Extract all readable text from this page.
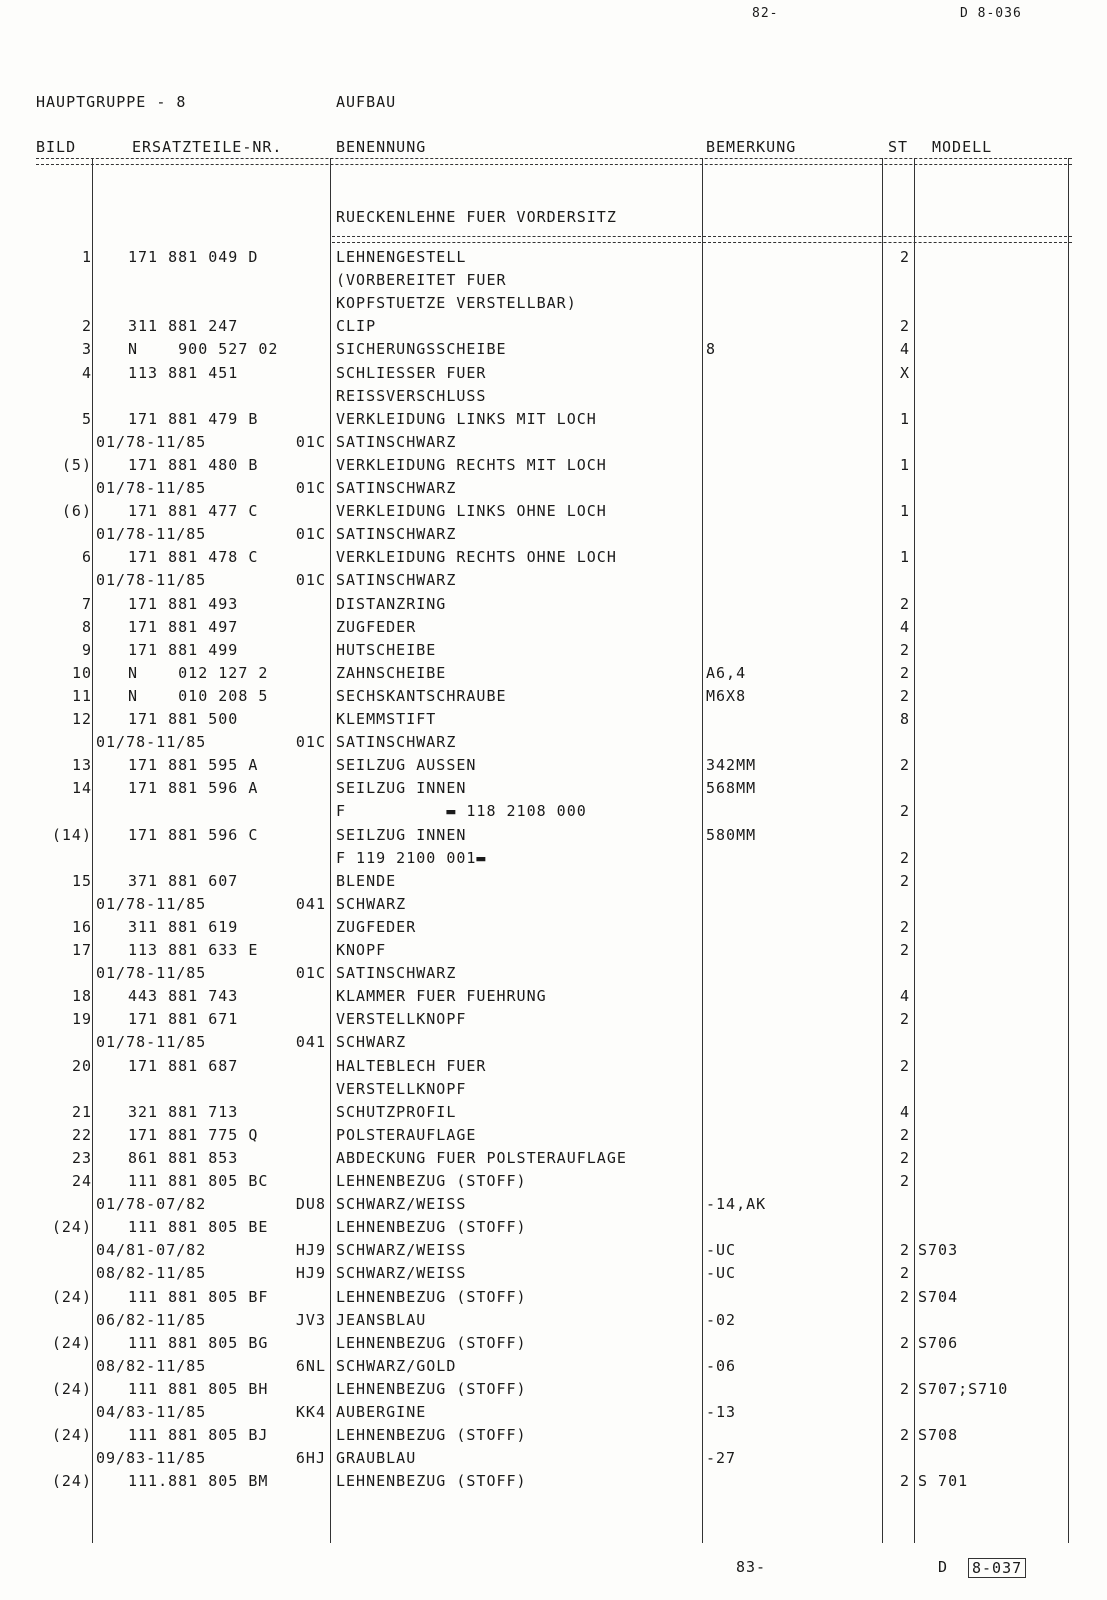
82-	D 8-036
HAUPTGRUPPE - 8	AUFBAU
BILD	ERSATZTEILE-NR.	BENENNUNG	BEMERKUNG	ST MODELL
RUECKENLEHNE FUER VORDERSITZ
1 171 881 049 D	LEHNENGESTELL	2
(VORBEREITET FUER
KOPFSTUETZE VERSTELLBAR)
2 311 881 247	CLIP	2
3 N    900 527 02	SICHERUNGSSCHEIBE	8	4
4 113 881 451	SCHLIESSER FUER	X
REISSVERSCHLUSS
5 171 881 479 B	VERKLEIDUNG LINKS MIT LOCH	1
01/78-11/85	01C SATINSCHWARZ
(5) 171 881 480 B	VERKLEIDUNG RECHTS MIT LOCH	1
01/78-11/85	01C SATINSCHWARZ
(6) 171 881 477 C	VERKLEIDUNG LINKS OHNE LOCH	1
01/78-11/85	01C SATINSCHWARZ
6 171 881 478 C	VERKLEIDUNG RECHTS OHNE LOCH	1
01/78-11/85	01C SATINSCHWARZ
7 171 881 493	DISTANZRING	2
8 171 881 497	ZUGFEDER	4
9 171 881 499	HUTSCHEIBE	2
10 N    012 127 2	ZAHNSCHEIBE	A6,4	2
11 N    010 208 5	SECHSKANTSCHRAUBE	M6X8	2
12 171 881 500	KLEMMSTIFT	8
01/78-11/85	01C SATINSCHWARZ
13 171 881 595 A	SEILZUG AUSSEN	342MM	2
14 171 881 596 A	SEILZUG INNEN	568MM
F          ▬ 118 2108 000	2
(14) 171 881 596 C	SEILZUG INNEN	580MM
F 119 2100 001▬	2
15 371 881 607	BLENDE	2
01/78-11/85	041 SCHWARZ
16 311 881 619	ZUGFEDER	2
17 113 881 633 E	KNOPF	2
01/78-11/85	01C SATINSCHWARZ
18 443 881 743	KLAMMER FUER FUEHRUNG	4
19 171 881 671	VERSTELLKNOPF	2
01/78-11/85	041 SCHWARZ
20 171 881 687	HALTEBLECH FUER	2
VERSTELLKNOPF
21 321 881 713	SCHUTZPROFIL	4
22 171 881 775 Q	POLSTERAUFLAGE	2
23 861 881 853	ABDECKUNG FUER POLSTERAUFLAGE	2
24 111 881 805 BC	LEHNENBEZUG (STOFF)	2
01/78-07/82	DU8 SCHWARZ/WEISS	-14,AK
(24) 111 881 805 BE	LEHNENBEZUG (STOFF)
04/81-07/82	HJ9 SCHWARZ/WEISS	-UC	2 S703
08/82-11/85	HJ9 SCHWARZ/WEISS	-UC	2
(24) 111 881 805 BF	LEHNENBEZUG (STOFF)	2 S704
06/82-11/85	JV3 JEANSBLAU	-02
(24) 111 881 805 BG	LEHNENBEZUG (STOFF)	2 S706
08/82-11/85	6NL SCHWARZ/GOLD	-06
(24) 111 881 805 BH	LEHNENBEZUG (STOFF)	2 S707;S710
04/83-11/85	KK4 AUBERGINE	-13
(24) 111 881 805 BJ	LEHNENBEZUG (STOFF)	2 S708
09/83-11/85	6HJ GRAUBLAU	-27
(24) 111.881 805 BM	LEHNENBEZUG (STOFF)	2 S 701
83-	D 8-037
